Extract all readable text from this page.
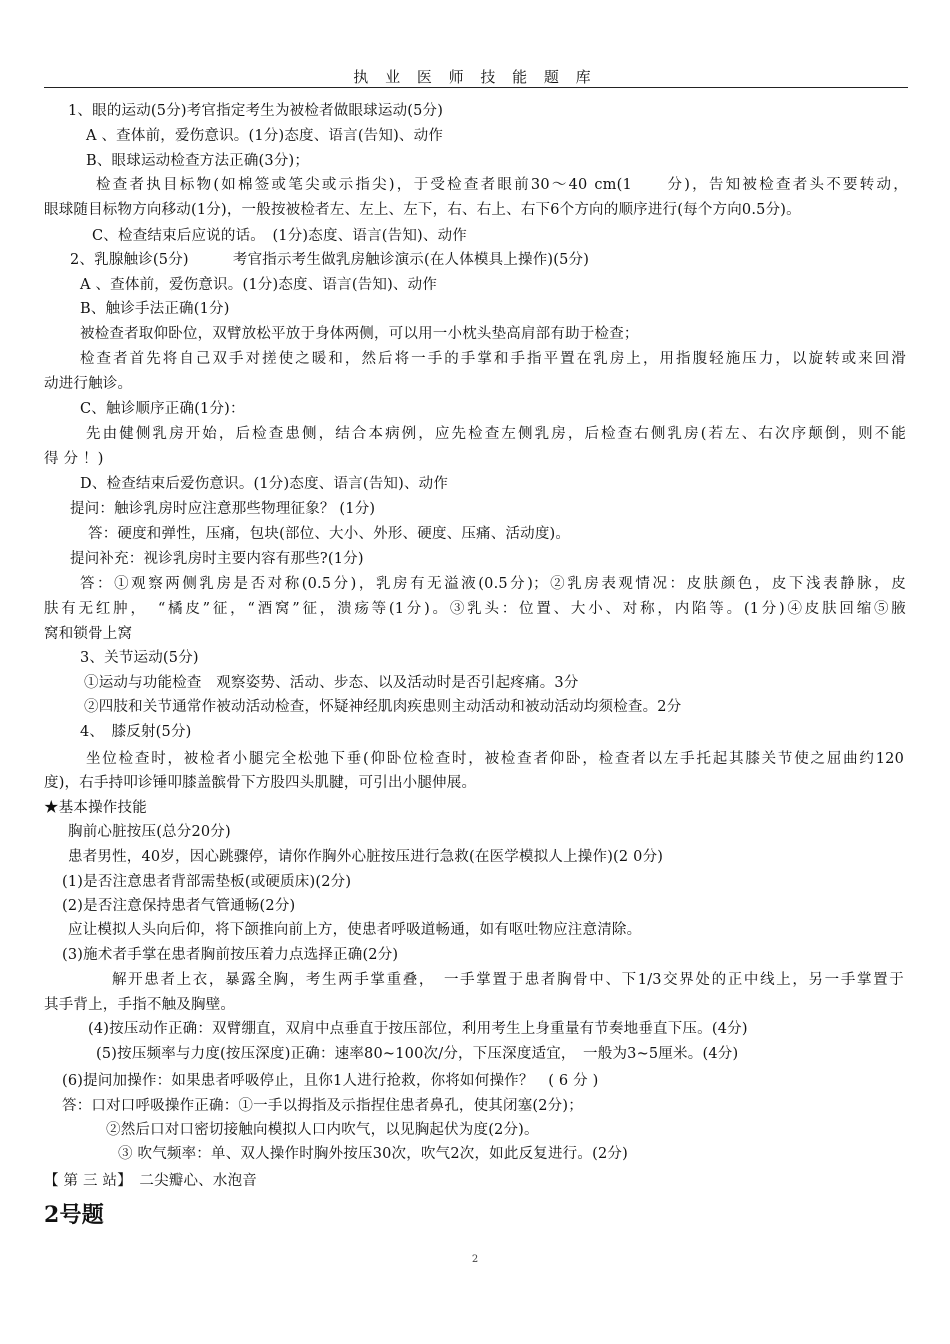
执 业 医 师 技 能 题 库
1、眼的运动(5分)考官指定考生为被检者做眼球运动(5分)
A 、查体前，爱伤意识。(1分)态度、语言(告知)、动作
B、眼球运动检查方法正确(3分)；
检查者执目标物(如棉签或笔尖或示指尖)，于受检查者眼前30～40 cm(1　　分)，告知被检查者头不要转动，
眼球随目标物方向移动(1分)，一般按被检者左、左上、左下，右、右上、右下6个方向的顺序进行(每个方向0.5分)。
C、检查结束后应说的话。　(1分)态度、语言(告知)、动作
2、乳腺触诊(5分)　　　考官指示考生做乳房触诊演示(在人体模具上操作)(5分)
A 、查体前，爱伤意识。(1分)态度、语言(告知)、动作
B、触诊手法正确(1分)
被检查者取仰卧位，双臂放松平放于身体两侧，可以用一小枕头垫高肩部有助于检查；
检查者首先将自己双手对搓使之暖和，然后将一手的手掌和手指平置在乳房上，用指腹轻施压力，以旋转或来回滑
动进行触诊。
C、触诊顺序正确(1分)：
先由健侧乳房开始，后检查患侧，结合本病例，应先检查左侧乳房，后检查右侧乳房(若左、右次序颠倒，则不能
得 分 ！)
D、检查结束后爱伤意识。(1分)态度、语言(告知)、动作
提问：触诊乳房时应注意那些物理征象？ (1分)
答：硬度和弹性，压痛，包块(部位、大小、外形、硬度、压痛、活动度)。
提问补充：视诊乳房时主要内容有那些?(1分)
答：①观察两侧乳房是否对称(0.5分)，乳房有无溢液(0.5分)；②乳房表观情况：皮肤颜色，皮下浅表静脉，皮
肤有无红肿，　“橘皮”征，“酒窝”征，溃疡等(1分)。③乳头：位置、大小、对称，内陷等。(1分)④皮肤回缩⑤腋
窝和锁骨上窝
3、关节运动(5分)
①运动与功能检查　观察姿势、活动、步态、以及活动时是否引起疼痛。3分
②四肢和关节通常作被动活动检查，怀疑神经肌肉疾患则主动活动和被动活动均须检查。2分
4、　膝反射(5分)
坐位检查时，被检者小腿完全松弛下垂(仰卧位检查时，被检查者仰卧，检查者以左手托起其膝关节使之屈曲约120
度)，右手持叩诊锤叩膝盖髌骨下方股四头肌腱，可引出小腿伸展。
★基本操作技能
胸前心脏按压(总分20分)
患者男性，40岁，因心跳骤停，请你作胸外心脏按压进行急救(在医学模拟人上操作)(2 0分)
(1)是否注意患者背部需垫板(或硬质床)(2分)
(2)是否注意保持患者气管通畅(2分)
应让模拟人头向后仰，将下颌推向前上方，使患者呼吸道畅通，如有呕吐物应注意清除。
(3)施术者手掌在患者胸前按压着力点选择正确(2分)
解开患者上衣，暴露全胸，考生两手掌重叠，　一手掌置于患者胸骨中、下1/3交界处的正中线上，另一手掌置于
其手背上，手指不触及胸壁。
(4)按压动作正确：双臂绷直，双肩中点垂直于按压部位，利用考生上身重量有节奏地垂直下压。(4分)
(5)按压频率与力度(按压深度)正确：速率80~100次/分，下压深度适宜，　一般为3~5厘米。(4分)
(6)提问加操作：如果患者呼吸停止，且你1人进行抢救，你将如何操作？　( 6 分 )
答：口对口呼吸操作正确：①一手以拇指及示指捏住患者鼻孔，使其闭塞(2分)；
②然后口对口密切接触向模拟人口内吹气，以见胸起伏为度(2分)。
③ 吹气频率：单、双人操作时胸外按压30次，吹气2次，如此反复进行。(2分)
【 第 三 站】　二尖瓣心、水泡音
2号题
2
